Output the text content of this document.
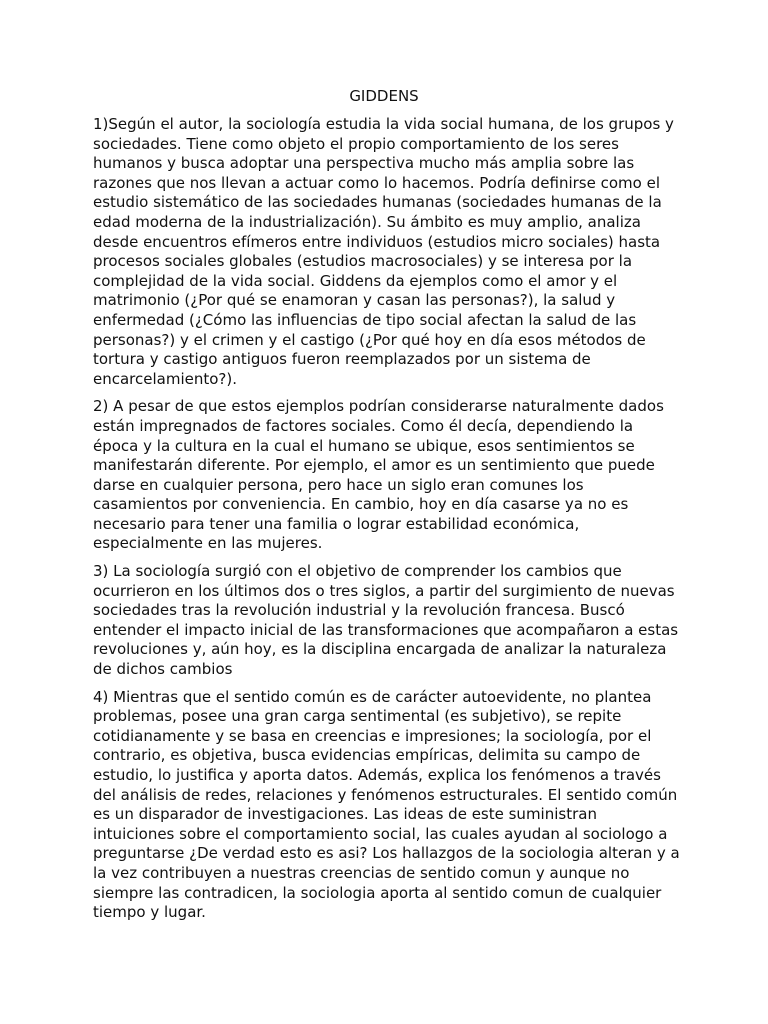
GIDDENS

1)Según el autor, la sociología estudia la vida social humana, de los grupos y sociedades. Tiene como objeto el propio comportamiento de los seres humanos y busca adoptar una perspectiva mucho más amplia sobre las razones que nos llevan a actuar como lo hacemos. Podría definirse como el estudio sistemático de las sociedades humanas (sociedades humanas de la edad moderna de la industrialización). Su ámbito es muy amplio, analiza desde encuentros efímeros entre individuos (estudios micro sociales) hasta procesos sociales globales (estudios macrosociales) y se interesa por la complejidad de la vida social. Giddens da ejemplos como el amor y el matrimonio (¿Por qué se enamoran y casan las personas?), la salud y enfermedad (¿Cómo las influencias de tipo social afectan la salud de las personas?) y el crimen y el castigo (¿Por qué hoy en día esos métodos de tortura y castigo antiguos fueron reemplazados por un sistema de encarcelamiento?).

2) A pesar de que estos ejemplos podrían considerarse naturalmente dados están impregnados de factores sociales. Como él decía, dependiendo la época y la cultura en la cual el humano se ubique, esos sentimientos se manifestarán diferente. Por ejemplo, el amor es un sentimiento que puede darse en cualquier persona, pero hace un siglo eran comunes los casamientos por conveniencia. En cambio, hoy en día casarse ya no es necesario para tener una familia o lograr estabilidad económica, especialmente en las mujeres.

3) La sociología surgió con el objetivo de comprender los cambios que ocurrieron en los últimos dos o tres siglos, a partir del surgimiento de nuevas sociedades tras la revolución industrial y la revolución francesa. Buscó entender el impacto inicial de las transformaciones que acompañaron a estas revoluciones y, aún hoy, es la disciplina encargada de analizar la naturaleza de dichos cambios

4) Mientras que el sentido común es de carácter autoevidente, no plantea problemas, posee una gran carga sentimental (es subjetivo), se repite cotidianamente y se basa en creencias e impresiones; la sociología, por el contrario, es objetiva, busca evidencias empíricas, delimita su campo de estudio, lo justifica y aporta datos. Además, explica los fenómenos a través del análisis de redes, relaciones y fenómenos estructurales. El sentido común es un disparador de investigaciones. Las ideas de este suministran intuiciones sobre el comportamiento social, las cuales ayudan al sociologo a preguntarse ¿De verdad esto es asi? Los hallazgos de la sociologia alteran y a la vez contribuyen a nuestras creencias de sentido comun y aunque no siempre las contradicen, la sociologia aporta al sentido comun de cualquier tiempo y lugar.
